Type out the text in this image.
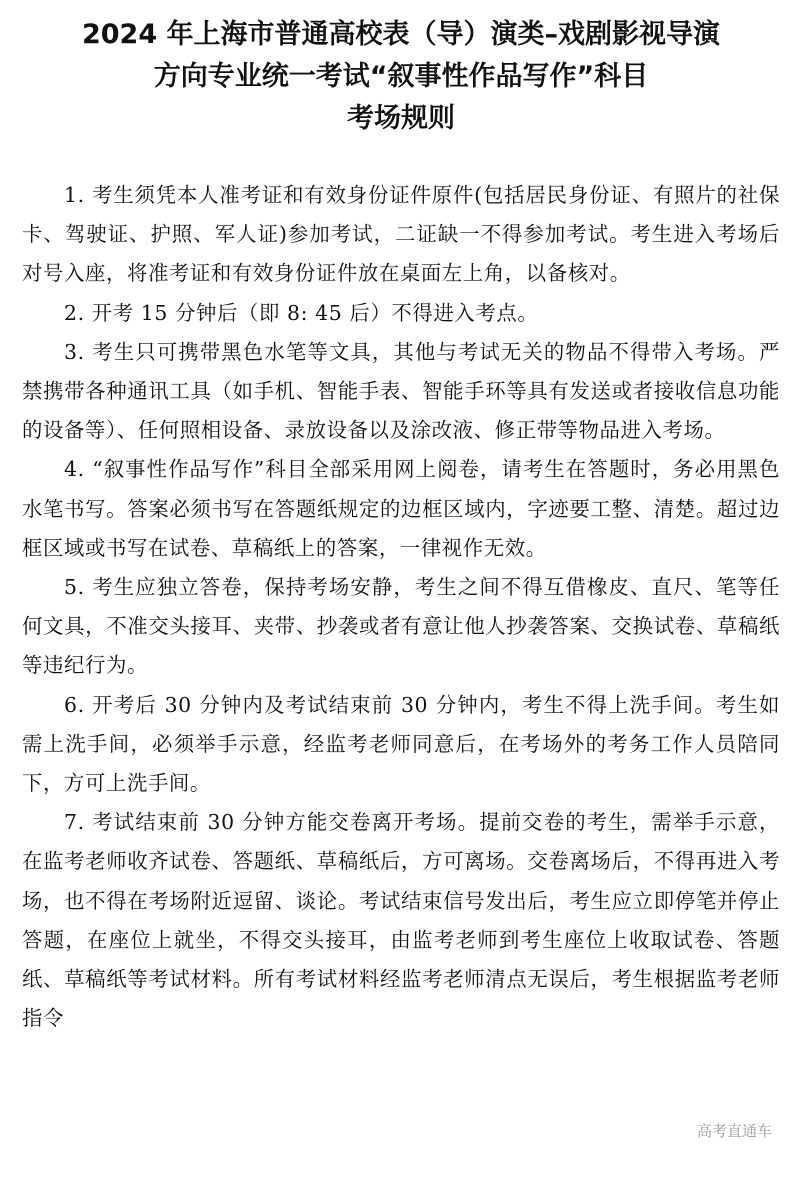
2024 年上海市普通高校表（导）演类–戏剧影视导演
方向专业统一考试“叙事性作品写作”科目
考场规则

1. 考生须凭本人准考证和有效身份证件原件(包括居民身份证、有照片的社保卡、驾驶证、护照、军人证)参加考试，二证缺一不得参加考试。考生进入考场后对号入座，将准考证和有效身份证件放在桌面左上角，以备核对。

2. 开考 15 分钟后（即 8: 45 后）不得进入考点。

3. 考生只可携带黑色水笔等文具，其他与考试无关的物品不得带入考场。严禁携带各种通讯工具（如手机、智能手表、智能手环等具有发送或者接收信息功能的设备等）、任何照相设备、录放设备以及涂改液、修正带等物品进入考场。

4. “叙事性作品写作”科目全部采用网上阅卷，请考生在答题时，务必用黑色水笔书写。答案必须书写在答题纸规定的边框区域内，字迹要工整、清楚。超过边框区域或书写在试卷、草稿纸上的答案，一律视作无效。

5. 考生应独立答卷，保持考场安静，考生之间不得互借橡皮、直尺、笔等任何文具，不准交头接耳、夹带、抄袭或者有意让他人抄袭答案、交换试卷、草稿纸等违纪行为。

6. 开考后 30 分钟内及考试结束前 30 分钟内，考生不得上洗手间。考生如需上洗手间，必须举手示意，经监考老师同意后，在考场外的考务工作人员陪同下，方可上洗手间。

7. 考试结束前 30 分钟方能交卷离开考场。提前交卷的考生，需举手示意，在监考老师收齐试卷、答题纸、草稿纸后，方可离场。交卷离场后，不得再进入考场，也不得在考场附近逗留、谈论。考试结束信号发出后，考生应立即停笔并停止答题，在座位上就坐，不得交头接耳，由监考老师到考生座位上收取试卷、答题纸、草稿纸等考试材料。所有考试材料经监考老师清点无误后，考生根据监考老师指令

高考直通车
